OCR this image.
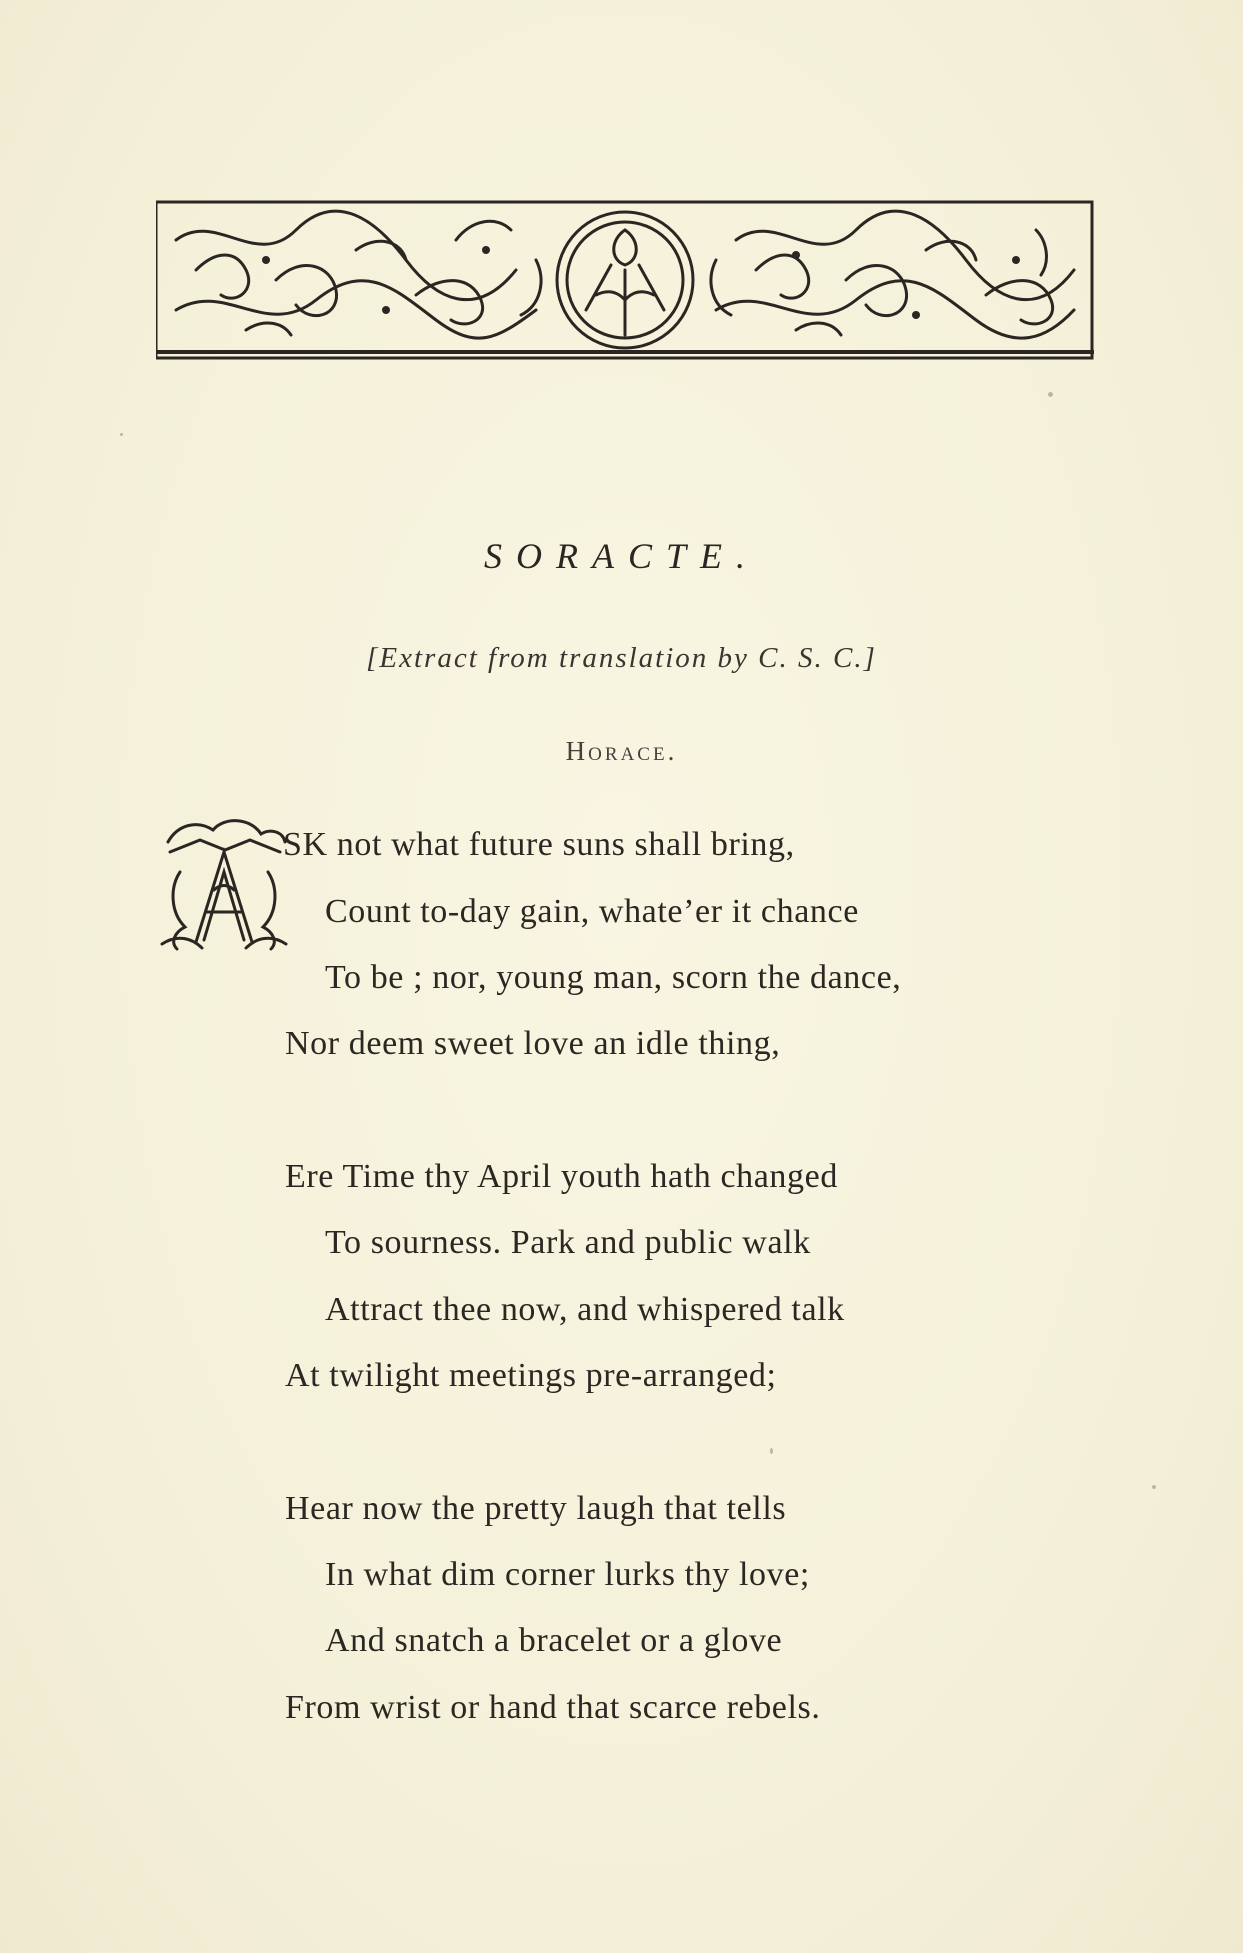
SORACTE.
[Extract from translation by C. S. C.]
Horace.
A SK not what future suns shall bring,
Count to-day gain, whate’er it chance
To be ; nor, young man, scorn the dance,
Nor deem sweet love an idle thing,
Ere Time thy April youth hath changed
To sourness. Park and public walk
Attract thee now, and whispered talk
At twilight meetings pre-arranged;
Hear now the pretty laugh that tells
In what dim corner lurks thy love;
And snatch a bracelet or a glove
From wrist or hand that scarce rebels.
